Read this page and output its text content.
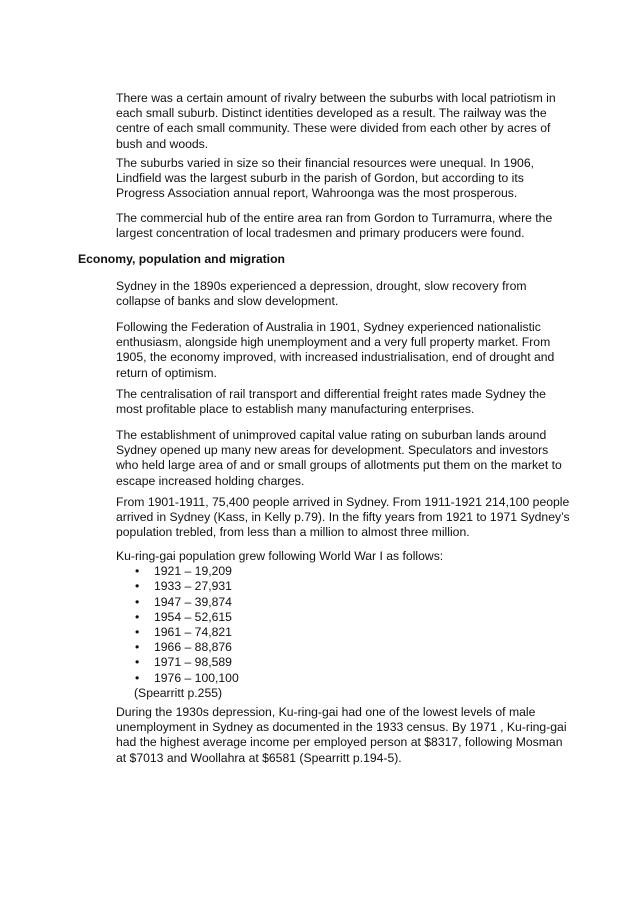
There was a certain amount of rivalry between the suburbs with local patriotism in each small suburb. Distinct identities developed as a result. The railway was the centre of each small community. These were divided from each other by acres of bush and woods.

The suburbs varied in size so their financial resources were unequal. In 1906, Lindfield was the largest suburb in the parish of Gordon, but according to its Progress Association annual report, Wahroonga was the most prosperous.

The commercial hub of the entire area ran from Gordon to Turramurra, where the largest concentration of local tradesmen and primary producers were found.

Economy, population and migration

Sydney in the 1890s experienced a depression, drought, slow recovery from collapse of banks and slow development.

Following the Federation of Australia in 1901, Sydney experienced nationalistic enthusiasm, alongside high unemployment and a very full property market. From 1905, the economy improved, with increased industrialisation, end of drought and return of optimism.

The centralisation of rail transport and differential freight rates made Sydney the most profitable place to establish many manufacturing enterprises.

The establishment of unimproved capital value rating on suburban lands around Sydney opened up many new areas for development. Speculators and investors who held large area of and or small groups of allotments put them on the market to escape increased holding charges.

From 1901-1911, 75,400 people arrived in Sydney. From 1911-1921 214,100 people arrived in Sydney (Kass, in Kelly p.79). In the fifty years from 1921 to 1971 Sydney’s population trebled, from less than a million to almost three million.

Ku-ring-gai population grew following World War I as follows:

• 1921 – 19,209
• 1933 – 27,931
• 1947 – 39,874
• 1954 – 52,615
• 1961 – 74,821
• 1966 – 88,876
• 1971 – 98,589
• 1976 – 100,100

(Spearritt p.255)

During the 1930s depression, Ku-ring-gai had one of the lowest levels of male unemployment in Sydney as documented in the 1933 census. By 1971 , Ku-ring-gai had the highest average income per employed person at $8317, following Mosman at $7013 and Woollahra at $6581 (Spearritt p.194-5).
